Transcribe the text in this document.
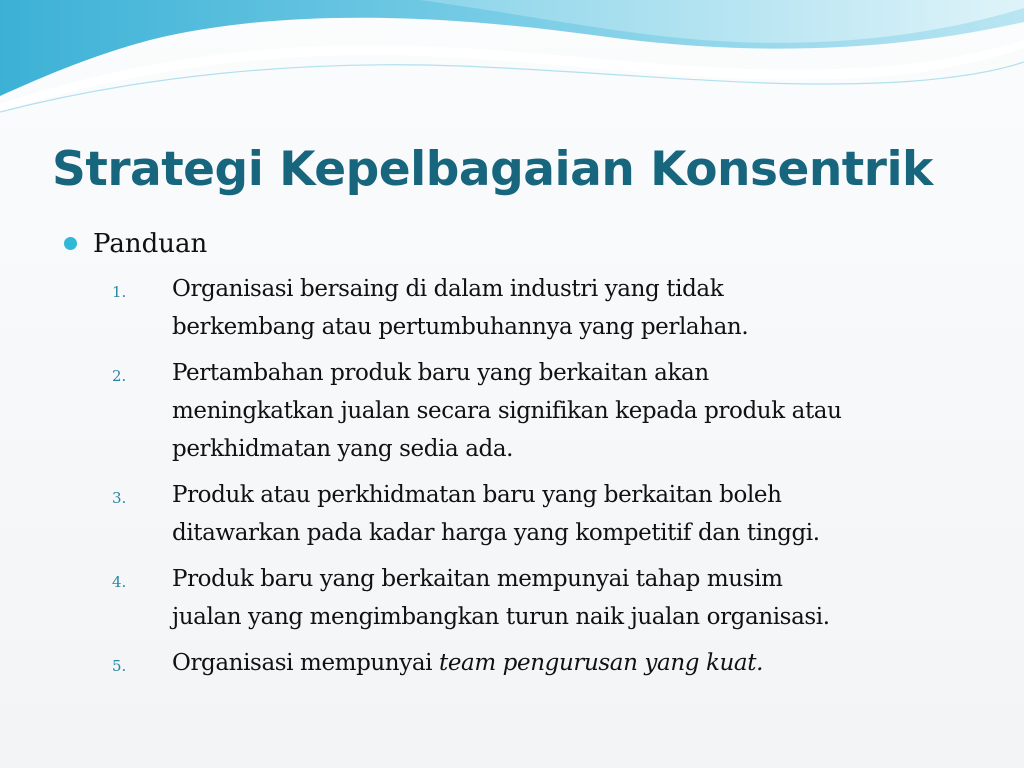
Strategi Kepelbagaian Konsentrik
Panduan
1. Organisasi bersaing di dalam industri yang tidak
berkembang atau pertumbuhannya yang perlahan.
2. Pertambahan produk baru yang berkaitan akan
meningkatkan jualan secara signifikan kepada produk atau
perkhidmatan yang sedia ada.
3. Produk atau perkhidmatan baru yang berkaitan boleh
ditawarkan pada kadar harga yang kompetitif dan tinggi.
4. Produk baru yang berkaitan mempunyai tahap musim
jualan yang mengimbangkan turun naik jualan organisasi.
5. Organisasi mempunyai team pengurusan yang kuat.
